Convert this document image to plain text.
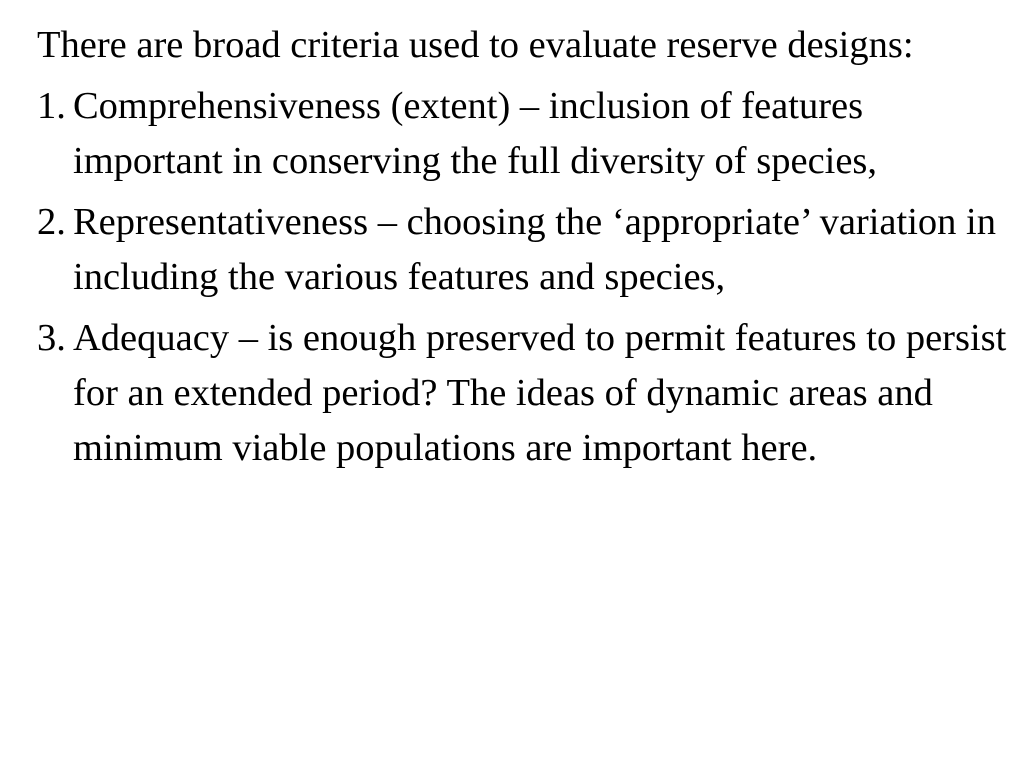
There are broad criteria used to evaluate reserve designs:

1. Comprehensiveness (extent) – inclusion of features important in conserving the full diversity of species,

2. Representativeness – choosing the ‘appropriate’ variation in including the various features and species,

3. Adequacy – is enough preserved to permit features to persist for an extended period? The ideas of dynamic areas and minimum viable populations are important here.
